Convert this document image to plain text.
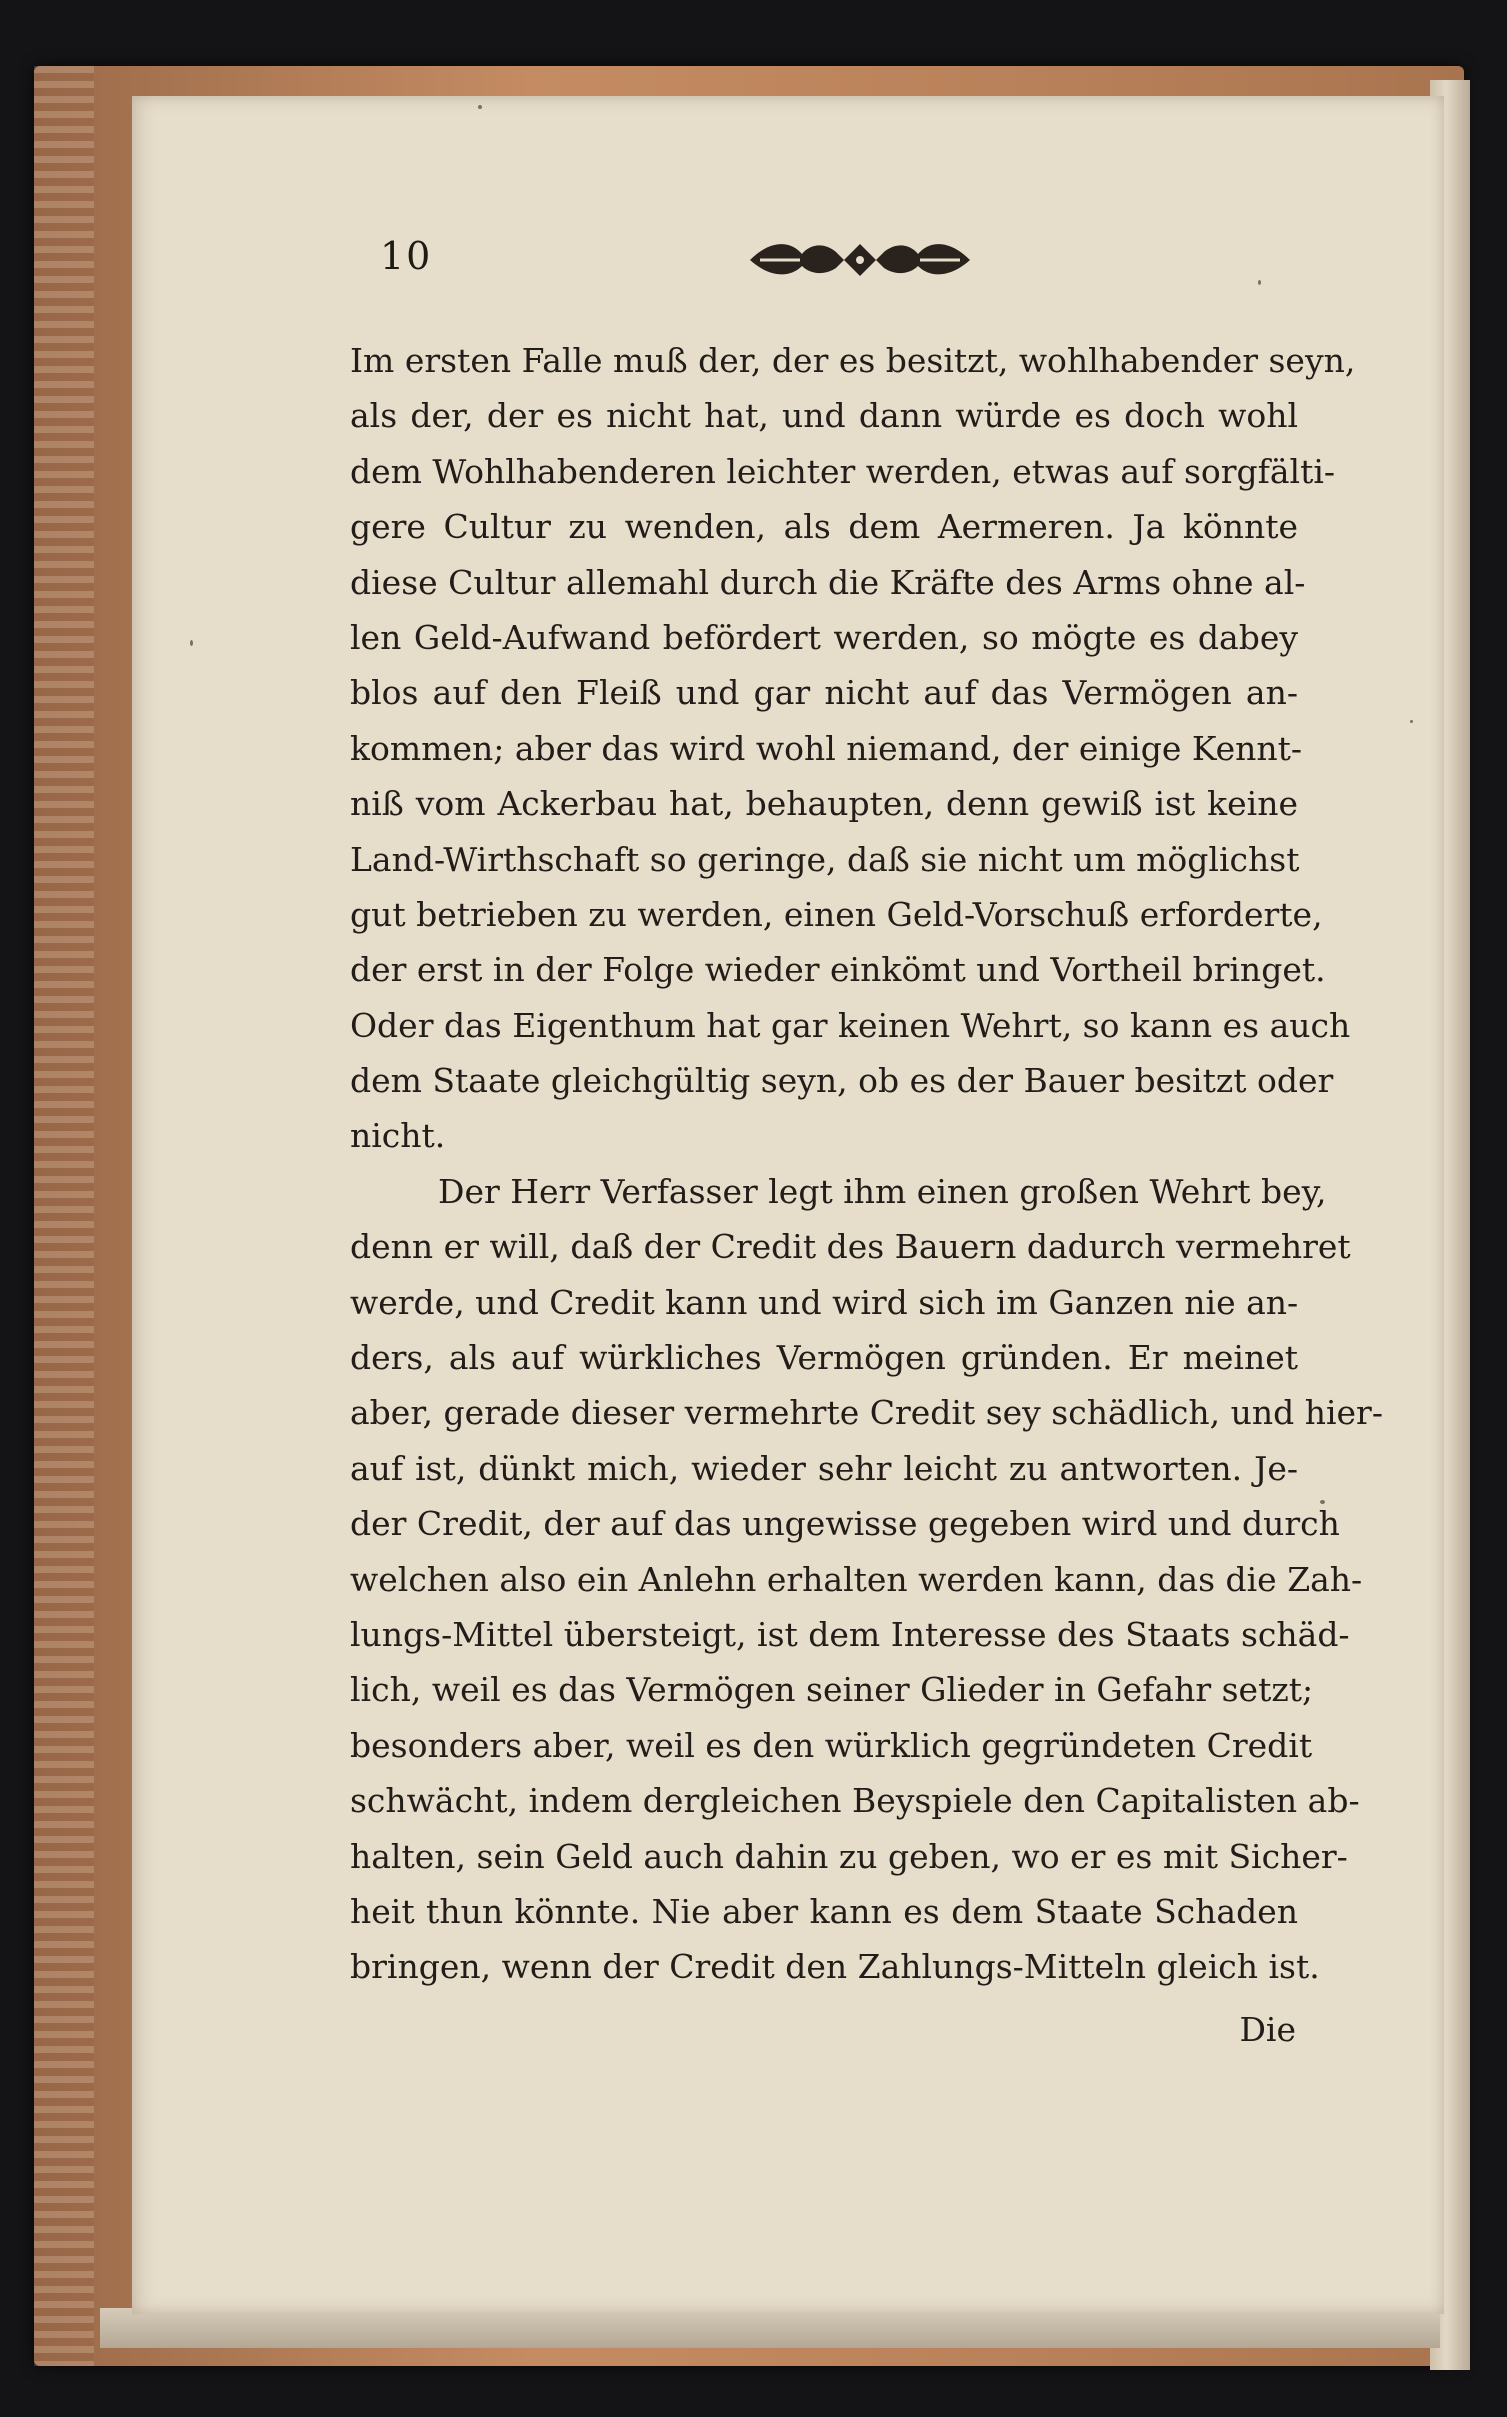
10
Im ersten Falle muß der, der es besitzt, wohlhabender seyn,
als der, der es nicht hat, und dann würde es doch wohl
dem Wohlhabenderen leichter werden, etwas auf sorgfälti-
gere Cultur zu wenden, als dem Aermeren. Ja könnte
diese Cultur allemahl durch die Kräfte des Arms ohne al-
len Geld-Aufwand befördert werden, so mögte es dabey
blos auf den Fleiß und gar nicht auf das Vermögen an-
kommen; aber das wird wohl niemand, der einige Kennt-
niß vom Ackerbau hat, behaupten, denn gewiß ist keine
Land-Wirthschaft so geringe, daß sie nicht um möglichst
gut betrieben zu werden, einen Geld-Vorschuß erforderte,
der erst in der Folge wieder einkömt und Vortheil bringet.
Oder das Eigenthum hat gar keinen Wehrt, so kann es auch
dem Staate gleichgültig seyn, ob es der Bauer besitzt oder
nicht.
Der Herr Verfasser legt ihm einen großen Wehrt bey,
denn er will, daß der Credit des Bauern dadurch vermehret
werde, und Credit kann und wird sich im Ganzen nie an-
ders, als auf würkliches Vermögen gründen. Er meinet
aber, gerade dieser vermehrte Credit sey schädlich, und hier-
auf ist, dünkt mich, wieder sehr leicht zu antworten. Je-
der Credit, der auf das ungewisse gegeben wird und durch
welchen also ein Anlehn erhalten werden kann, das die Zah-
lungs-Mittel übersteigt, ist dem Interesse des Staats schäd-
lich, weil es das Vermögen seiner Glieder in Gefahr setzt;
besonders aber, weil es den würklich gegründeten Credit
schwächt, indem dergleichen Beyspiele den Capitalisten ab-
halten, sein Geld auch dahin zu geben, wo er es mit Sicher-
heit thun könnte. Nie aber kann es dem Staate Schaden
bringen, wenn der Credit den Zahlungs-Mitteln gleich ist.
Die
